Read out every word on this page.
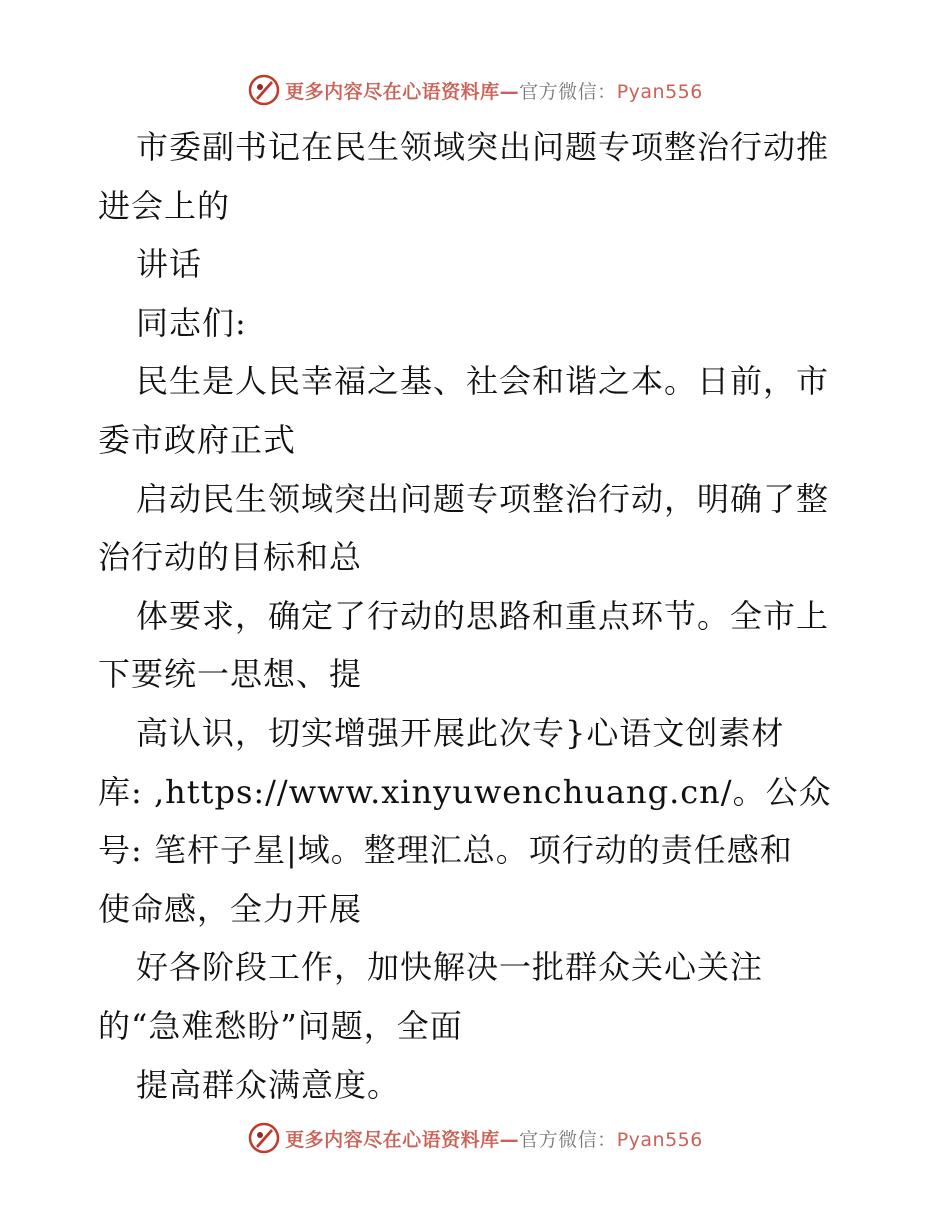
更多内容尽在心语资料库—官方微信：Pyan556
市委副书记在民生领域突出问题专项整治行动推
进会上的
讲话
同志们:
民生是人民幸福之基、社会和谐之本。日前，市
委市政府正式
启动民生领域突出问题专项整治行动，明确了整
治行动的目标和总
体要求，确定了行动的思路和重点环节。全市上
下要统一思想、提
高认识，切实增强开展此次专}心语文创素材
库: ,https://www.xinyuwenchuang.cn/。公众
号: 笔杆子星|域。整理汇总。项行动的责任感和
使命感，全力开展
好各阶段工作，加快解决一批群众关心关注
的“急难愁盼”问题，全面
提高群众满意度。
更多内容尽在心语资料库—官方微信：Pyan556
